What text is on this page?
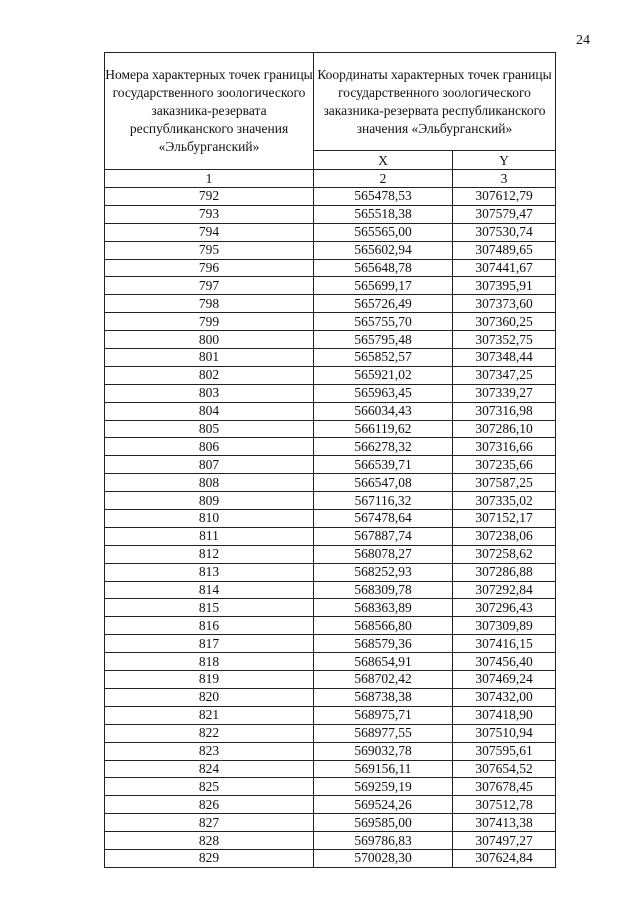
24
Номера характерных точек границы государственного зоологического заказника-резервата республиканского значения «Эльбурганский»	Координаты характерных точек границы государственного зоологического заказника-резервата республиканского значения «Эльбурганский»	
	X	Y
1	2	3
792	565478,53	307612,79
793	565518,38	307579,47
794	565565,00	307530,74
795	565602,94	307489,65
796	565648,78	307441,67
797	565699,17	307395,91
798	565726,49	307373,60
799	565755,70	307360,25
800	565795,48	307352,75
801	565852,57	307348,44
802	565921,02	307347,25
803	565963,45	307339,27
804	566034,43	307316,98
805	566119,62	307286,10
806	566278,32	307316,66
807	566539,71	307235,66
808	566547,08	307587,25
809	567116,32	307335,02
810	567478,64	307152,17
811	567887,74	307238,06
812	568078,27	307258,62
813	568252,93	307286,88
814	568309,78	307292,84
815	568363,89	307296,43
816	568566,80	307309,89
817	568579,36	307416,15
818	568654,91	307456,40
819	568702,42	307469,24
820	568738,38	307432,00
821	568975,71	307418,90
822	568977,55	307510,94
823	569032,78	307595,61
824	569156,11	307654,52
825	569259,19	307678,45
826	569524,26	307512,78
827	569585,00	307413,38
828	569786,83	307497,27
829	570028,30	307624,84
